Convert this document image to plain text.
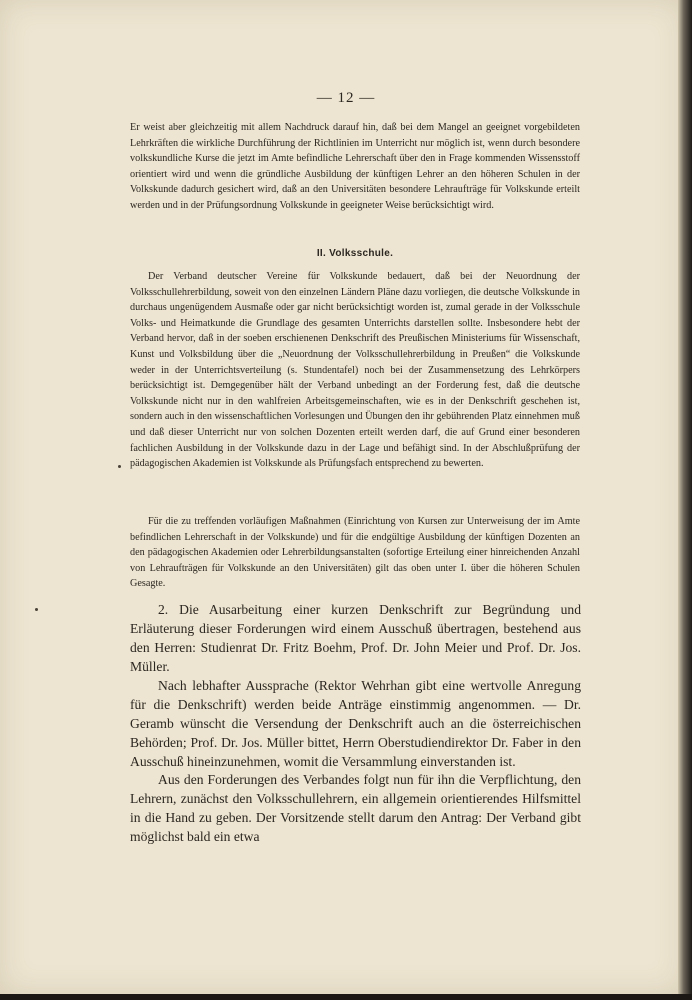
— 12 —

Er weist aber gleichzeitig mit allem Nachdruck darauf hin, daß bei dem Mangel an geeignet vorgebildeten Lehrkräften die wirkliche Durchführung der Richtlinien im Unterricht nur möglich ist, wenn durch besondere volkskundliche Kurse die jetzt im Amte befindliche Lehrerschaft über den in Frage kommenden Wissensstoff orientiert wird und wenn die gründliche Ausbildung der künftigen Lehrer an den höheren Schulen in der Volkskunde dadurch gesichert wird, daß an den Universitäten besondere Lehraufträge für Volkskunde erteilt werden und in der Prüfungsordnung Volkskunde in geeigneter Weise berücksichtigt wird.

II. Volksschule.

Der Verband deutscher Vereine für Volkskunde bedauert, daß bei der Neuordnung der Volksschullehrerbildung, soweit von den einzelnen Ländern Pläne dazu vorliegen, die deutsche Volkskunde in durchaus ungenügendem Ausmaße oder gar nicht berücksichtigt worden ist, zumal gerade in der Volksschule Volks- und Heimatkunde die Grundlage des gesamten Unterrichts darstellen sollte. Insbesondere hebt der Verband hervor, daß in der soeben erschienenen Denkschrift des Preußischen Ministeriums für Wissenschaft, Kunst und Volksbildung über die „Neuordnung der Volksschullehrerbildung in Preußen“ die Volkskunde weder in der Unterrichtsverteilung (s. Stundentafel) noch bei der Zusammensetzung des Lehrkörpers berücksichtigt ist. Demgegenüber hält der Verband unbedingt an der Forderung fest, daß die deutsche Volkskunde nicht nur in den wahlfreien Arbeitsgemeinschaften, wie es in der Denkschrift geschehen ist, sondern auch in den wissenschaftlichen Vorlesungen und Übungen den ihr gebührenden Platz einnehmen muß und daß dieser Unterricht nur von solchen Dozenten erteilt werden darf, die auf Grund einer besonderen fachlichen Ausbildung in der Volkskunde dazu in der Lage und befähigt sind. In der Abschlußprüfung der pädagogischen Akademien ist Volkskunde als Prüfungsfach entsprechend zu bewerten.

Für die zu treffenden vorläufigen Maßnahmen (Einrichtung von Kursen zur Unterweisung der im Amte befindlichen Lehrerschaft in der Volkskunde) und für die endgültige Ausbildung der künftigen Dozenten an den pädagogischen Akademien oder Lehrerbildungsanstalten (sofortige Erteilung einer hinreichenden Anzahl von Lehraufträgen für Volkskunde an den Universitäten) gilt das oben unter I. über die höheren Schulen Gesagte.

2. Die Ausarbeitung einer kurzen Denkschrift zur Begründung und Erläuterung dieser Forderungen wird einem Ausschuß übertragen, bestehend aus den Herren: Studienrat Dr. Fritz Boehm, Prof. Dr. John Meier und Prof. Dr. Jos. Müller.

Nach lebhafter Aussprache (Rektor Wehrhan gibt eine wertvolle Anregung für die Denkschrift) werden beide Anträge einstimmig angenommen. — Dr. Geramb wünscht die Versendung der Denkschrift auch an die österreichischen Behörden; Prof. Dr. Jos. Müller bittet, Herrn Oberstudiendirektor Dr. Faber in den Ausschuß hineinzunehmen, womit die Versammlung einverstanden ist.

Aus den Forderungen des Verbandes folgt nun für ihn die Verpflichtung, den Lehrern, zunächst den Volksschullehrern, ein allgemein orientierendes Hilfsmittel in die Hand zu geben. Der Vorsitzende stellt darum den Antrag: Der Verband gibt möglichst bald ein etwa
